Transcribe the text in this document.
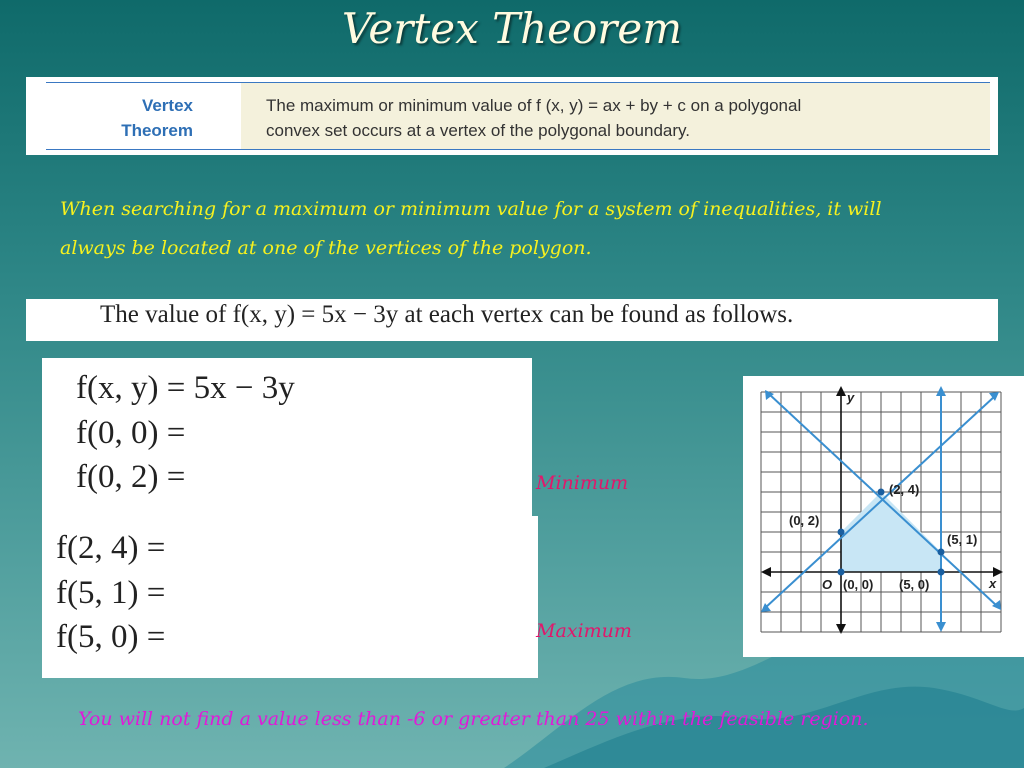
Vertex Theorem
Vertex
Theorem
The maximum or minimum value of f (x, y) = ax + by + c on a polygonal
convex set occurs at a vertex of the polygonal boundary.
When searching for a maximum or minimum value for a system of inequalities, it will
always be located at one of the vertices of the polygon.
The value of f(x, y) = 5x − 3y at each vertex can be found as follows.
f(x, y) = 5x − 3y
f(0, 0) =
f(0, 2) =
f(2, 4) =
f(5, 1) =
f(5, 0) =
Minimum
Maximum
y
x
O
(2, 4)
(0, 2)
(5, 1)
(0, 0) (5, 0)
You will not find a value less than -6 or greater than 25 within the feasible region.
